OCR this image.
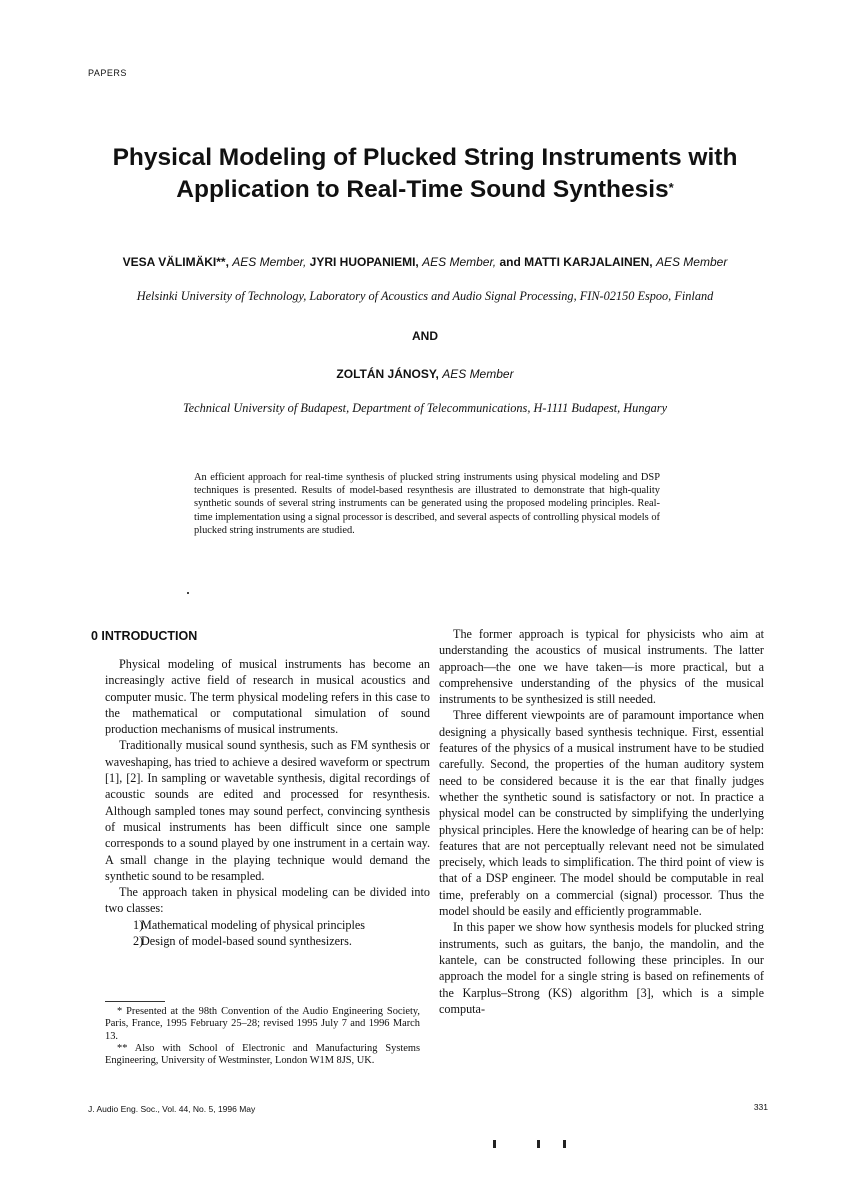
PAPERS
Physical Modeling of Plucked String Instruments with
Application to Real-Time Sound Synthesis*
VESA VÄLIMÄKI**, AES Member, JYRI HUOPANIEMI, AES Member, and MATTI KARJALAINEN, AES Member
Helsinki University of Technology, Laboratory of Acoustics and Audio Signal Processing, FIN-02150 Espoo, Finland
AND
ZOLTÁN JÁNOSY, AES Member
Technical University of Budapest, Department of Telecommunications, H-1111 Budapest, Hungary
An efficient approach for real-time synthesis of plucked string instruments using physical modeling and DSP techniques is presented. Results of model-based resynthesis are illustrated to demonstrate that high-quality synthetic sounds of several string instruments can be generated using the proposed modeling principles. Real-time implementation using a signal processor is described, and several aspects of controlling physical models of plucked string instruments are studied.
0 INTRODUCTION

Physical modeling of musical instruments has become an increasingly active field of research in musical acoustics and computer music. The term physical modeling refers in this case to the mathematical or computational simulation of sound production mechanisms of musical instruments.

Traditionally musical sound synthesis, such as FM synthesis or waveshaping, has tried to achieve a desired waveform or spectrum [1], [2]. In sampling or wavetable synthesis, digital recordings of acoustic sounds are edited and processed for resynthesis. Although sampled tones may sound perfect, convincing synthesis of musical instruments has been difficult since one sample corresponds to a sound played by one instrument in a certain way. A small change in the playing technique would demand the synthetic sound to be resampled.

The approach taken in physical modeling can be divided into two classes:

1)Mathematical modeling of physical principles

2)Design of model-based sound synthesizers.

The former approach is typical for physicists who aim at understanding the acoustics of musical instruments. The latter approach—the one we have taken—is more practical, but a comprehensive understanding of the physics of the musical instruments to be synthesized is still needed.

Three different viewpoints are of paramount importance when designing a physically based synthesis technique. First, essential features of the physics of a musical instrument have to be studied carefully. Second, the properties of the human auditory system need to be considered because it is the ear that finally judges whether the synthetic sound is satisfactory or not. In practice a physical model can be constructed by simplifying the underlying physical principles. Here the knowledge of hearing can be of help: features that are not perceptually relevant need not be simulated precisely, which leads to simplification. The third point of view is that of a DSP engineer. The model should be computable in real time, preferably on a commercial (signal) processor. Thus the model should be easily and efficiently programmable.

In this paper we show how synthesis models for plucked string instruments, such as guitars, the banjo, the mandolin, and the kantele, can be constructed following these principles. In our approach the model for a single string is based on refinements of the Karplus–Strong (KS) algorithm [3], which is a simple computa-

* Presented at the 98th Convention of the Audio Engineering Society, Paris, France, 1995 February 25–28; revised 1995 July 7 and 1996 March 13.

** Also with School of Electronic and Manufacturing Systems Engineering, University of Westminster, London W1M 8JS, UK.

J. Audio Eng. Soc., Vol. 44, No. 5, 1996 May	331
